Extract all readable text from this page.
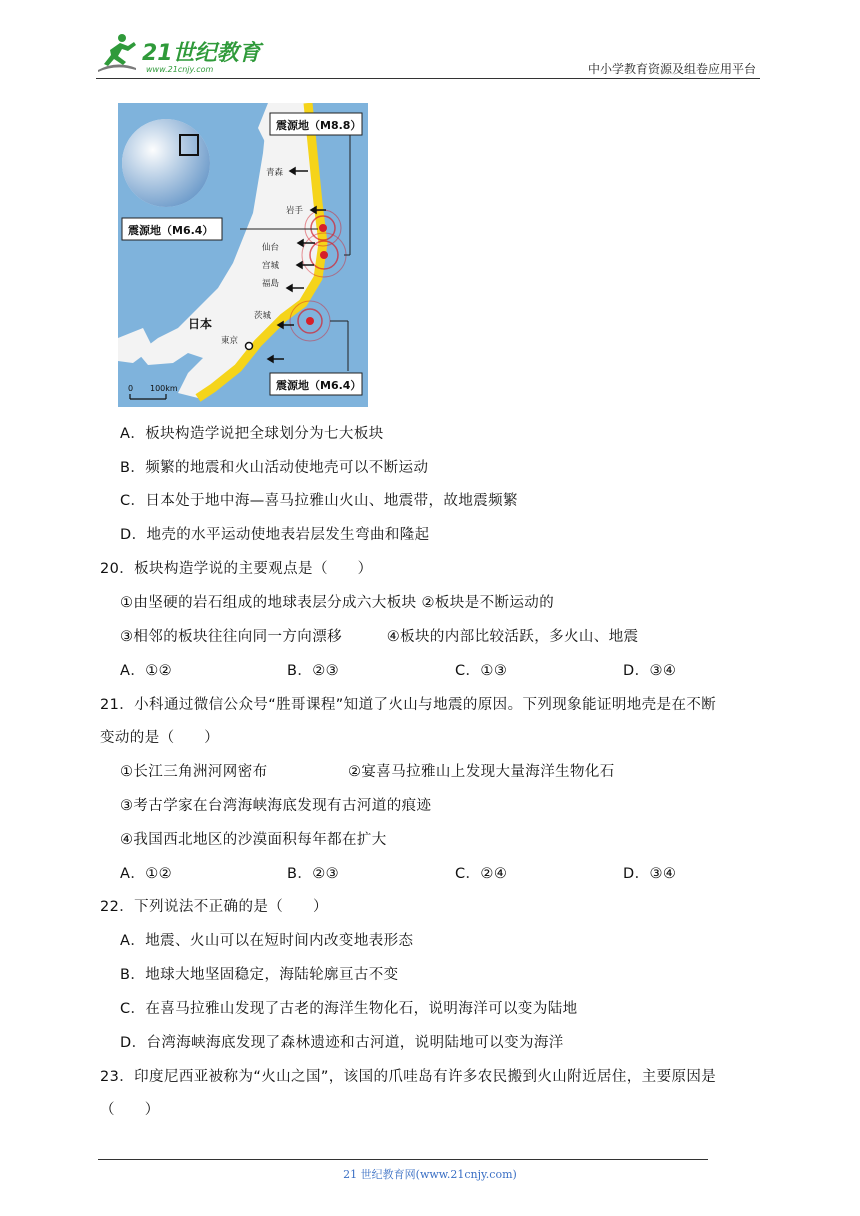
21世纪教育
www.21cnjy.com	中小学教育资源及组卷应用平台
震源地（M8.8）
震源地（M6.4）
震源地（M6.4）
青森
岩手
仙台
宫城
福島
茨城
東京
日本
0 100km
A．板块构造学说把全球划分为七大板块
B．频繁的地震和火山活动使地壳可以不断运动
C．日本处于地中海—喜马拉雅山火山、地震带，故地震频繁
D．地壳的水平运动使地表岩层发生弯曲和隆起
20．板块构造学说的主要观点是（　　）
①由坚硬的岩石组成的地球表层分成六大板块 ②板块是不断运动的
③相邻的板块往往向同一方向漂移　　　④板块的内部比较活跃，多火山、地震
A．①②	B．②③	C．①③	D．③④
21．小科通过微信公众号“胜哥课程”知道了火山与地震的原因。下列现象能证明地壳是在不断
变动的是（　　）
①长江三角洲河网密布	②宴喜马拉雅山上发现大量海洋生物化石
③考古学家在台湾海峡海底发现有古河道的痕迹
④我国西北地区的沙漠面积每年都在扩大
A．①②	B．②③	C．②④	D．③④
22．下列说法不正确的是（　　）
A．地震、火山可以在短时间内改变地表形态
B．地球大地坚固稳定，海陆轮廓亘古不变
C．在喜马拉雅山发现了古老的海洋生物化石，说明海洋可以变为陆地
D．台湾海峡海底发现了森林遗迹和古河道，说明陆地可以变为海洋
23．印度尼西亚被称为“火山之国”，该国的爪哇岛有许多农民搬到火山附近居住，主要原因是
（　　）
21 世纪教育网(www.21cnjy.com)
